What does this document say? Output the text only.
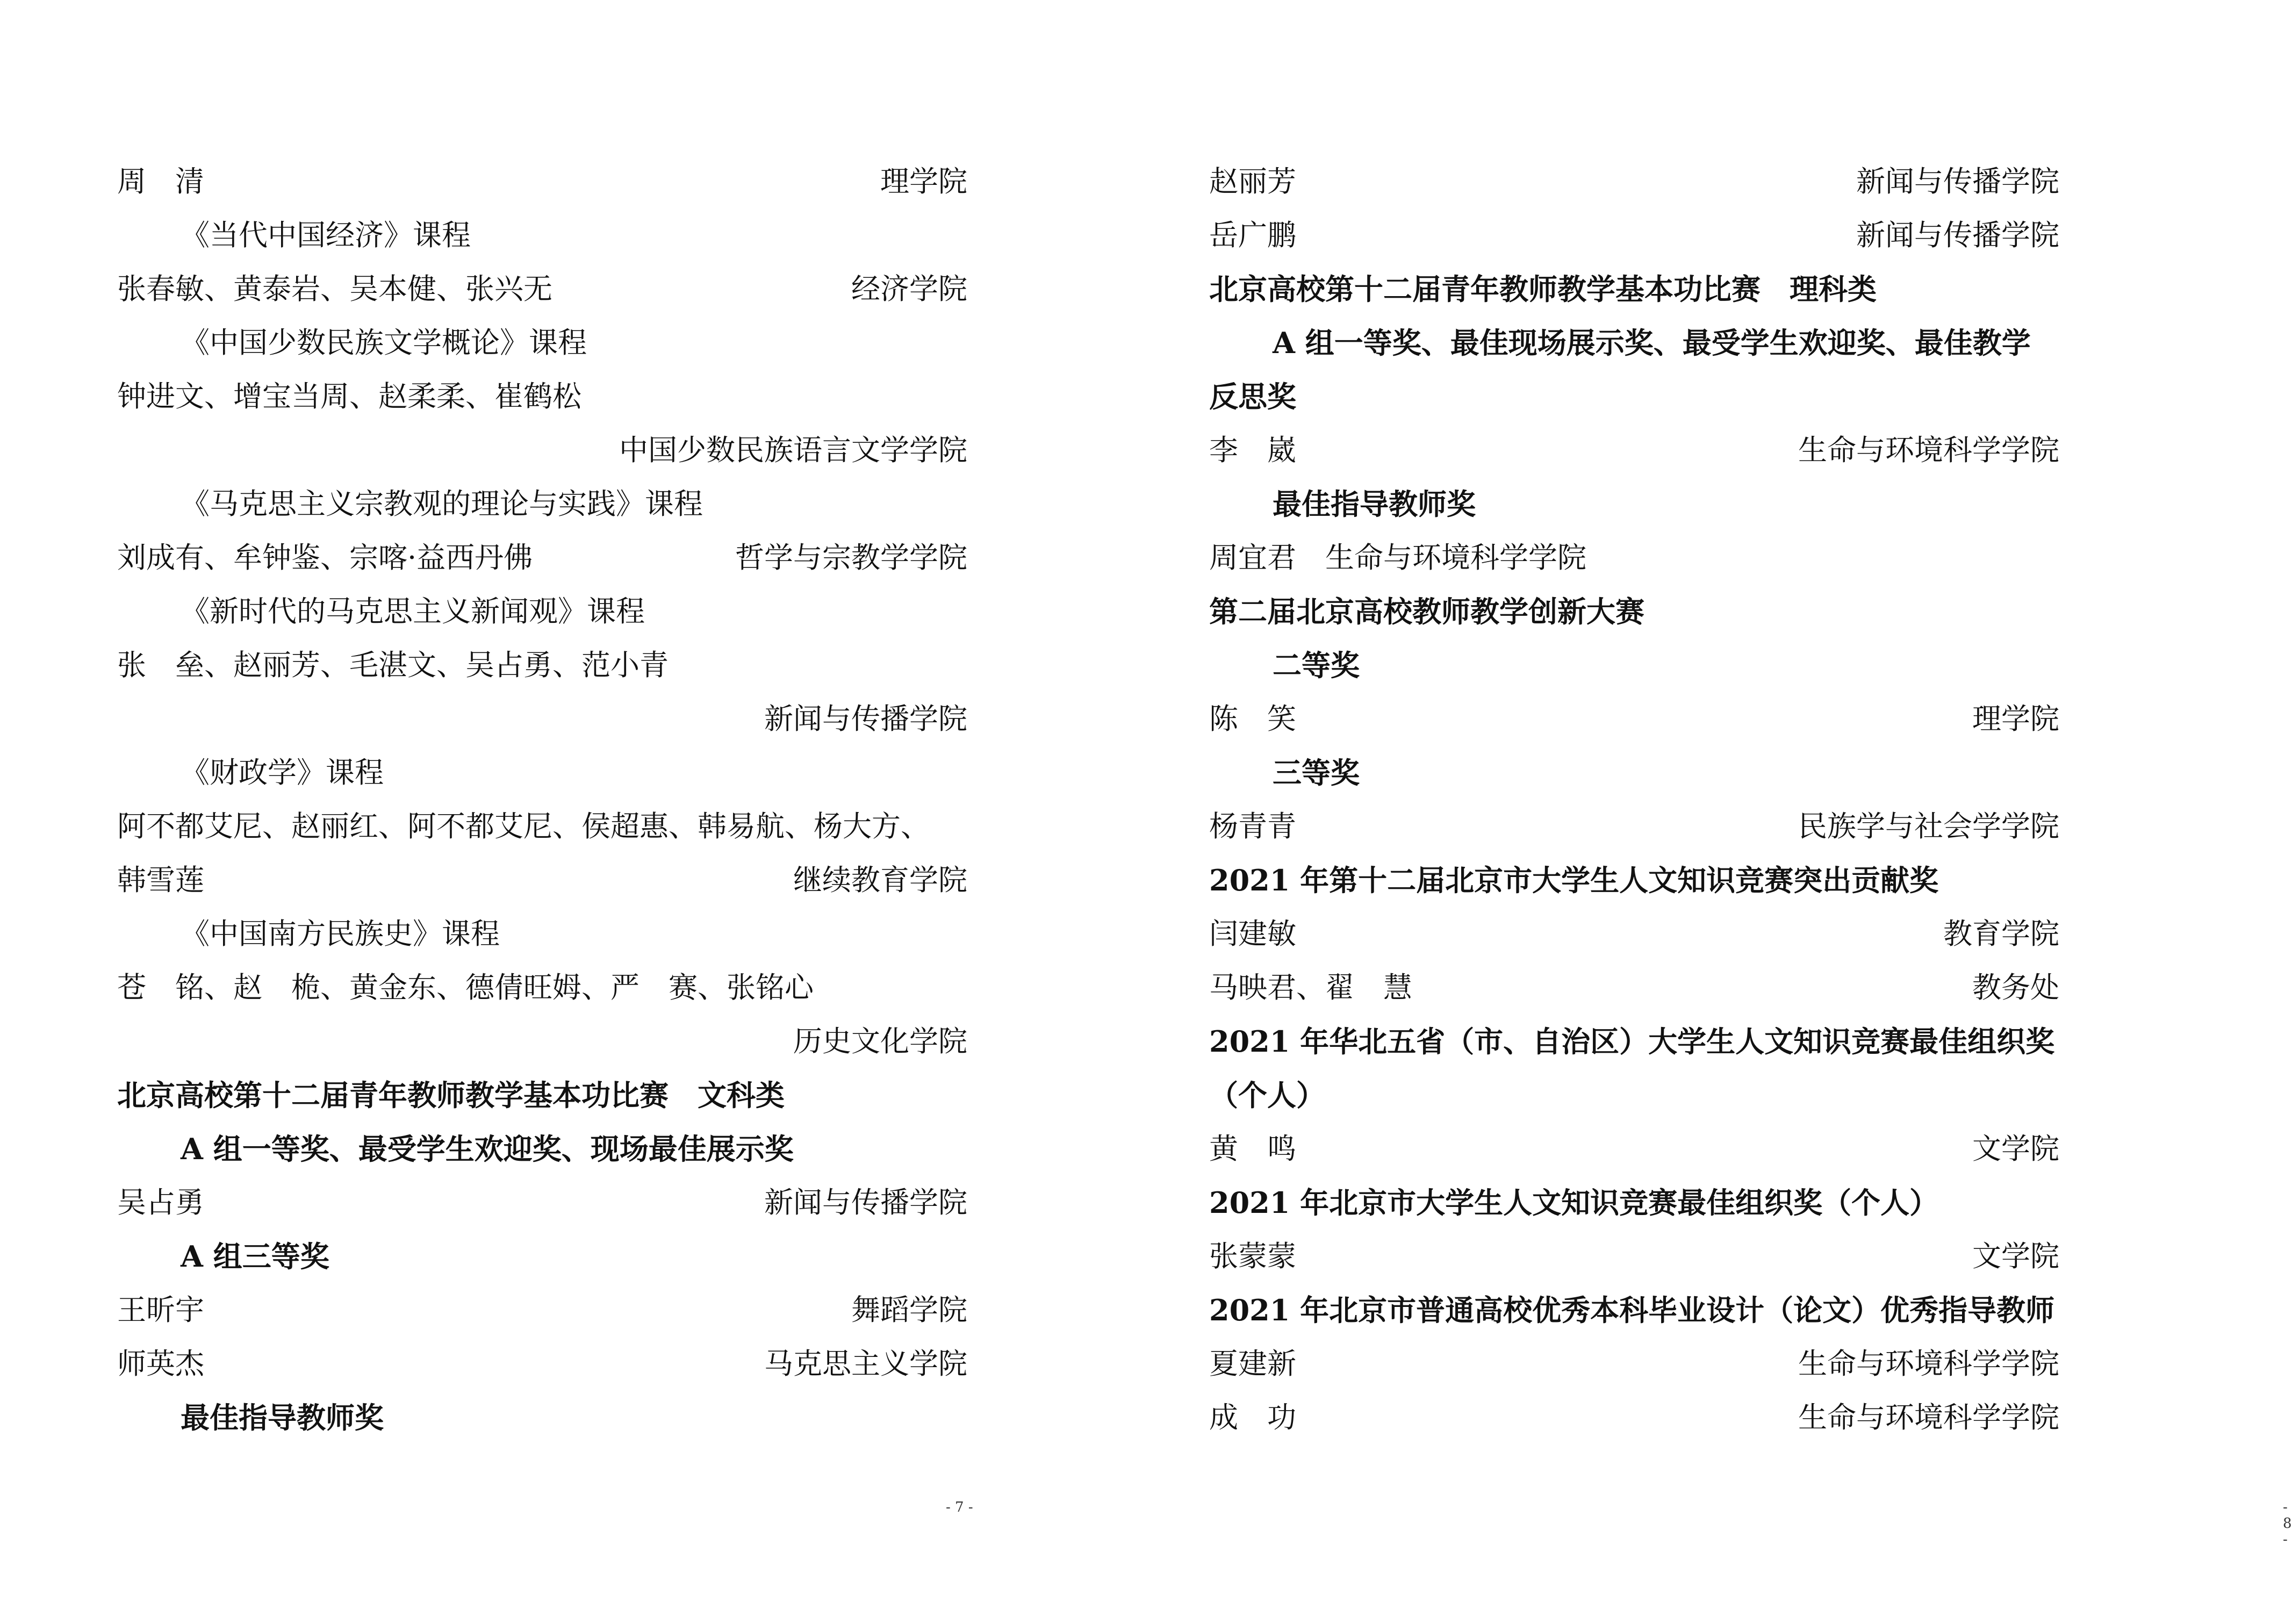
周　清	理学院
《当代中国经济》课程
张春敏、黄泰岩、吴本健、张兴无	经济学院
《中国少数民族文学概论》课程
钟进文、增宝当周、赵柔柔、崔鹤松
中国少数民族语言文学学院
《马克思主义宗教观的理论与实践》课程
刘成有、牟钟鉴、宗喀·益西丹佛	哲学与宗教学学院
《新时代的马克思主义新闻观》课程
张　垒、赵丽芳、毛湛文、吴占勇、范小青
新闻与传播学院
《财政学》课程
阿不都艾尼、赵丽红、阿不都艾尼、侯超惠、韩易航、杨大方、
韩雪莲	继续教育学院
《中国南方民族史》课程
苍　铭、赵　桅、黄金东、德倩旺姆、严　赛、张铭心
历史文化学院
北京高校第十二届青年教师教学基本功比赛　文科类
A 组一等奖、最受学生欢迎奖、现场最佳展示奖
吴占勇	新闻与传播学院
A 组三等奖
王昕宇	舞蹈学院
师英杰	马克思主义学院
最佳指导教师奖
- 7 -
赵丽芳	新闻与传播学院
岳广鹏	新闻与传播学院
北京高校第十二届青年教师教学基本功比赛　理科类
A 组一等奖、最佳现场展示奖、最受学生欢迎奖、最佳教学
反思奖
李　崴	生命与环境科学学院
最佳指导教师奖
周宜君　生命与环境科学学院
第二届北京高校教师教学创新大赛
二等奖
陈　笑	理学院
三等奖
杨青青	民族学与社会学学院
2021 年第十二届北京市大学生人文知识竞赛突出贡献奖
闫建敏	教育学院
马映君、翟　慧	教务处
2021 年华北五省（市、自治区）大学生人文知识竞赛最佳组织奖
（个人）
黄　鸣	文学院
2021 年北京市大学生人文知识竞赛最佳组织奖（个人）
张蒙蒙	文学院
2021 年北京市普通高校优秀本科毕业设计（论文）优秀指导教师
夏建新	生命与环境科学学院
成　功	生命与环境科学学院
- 8 -
